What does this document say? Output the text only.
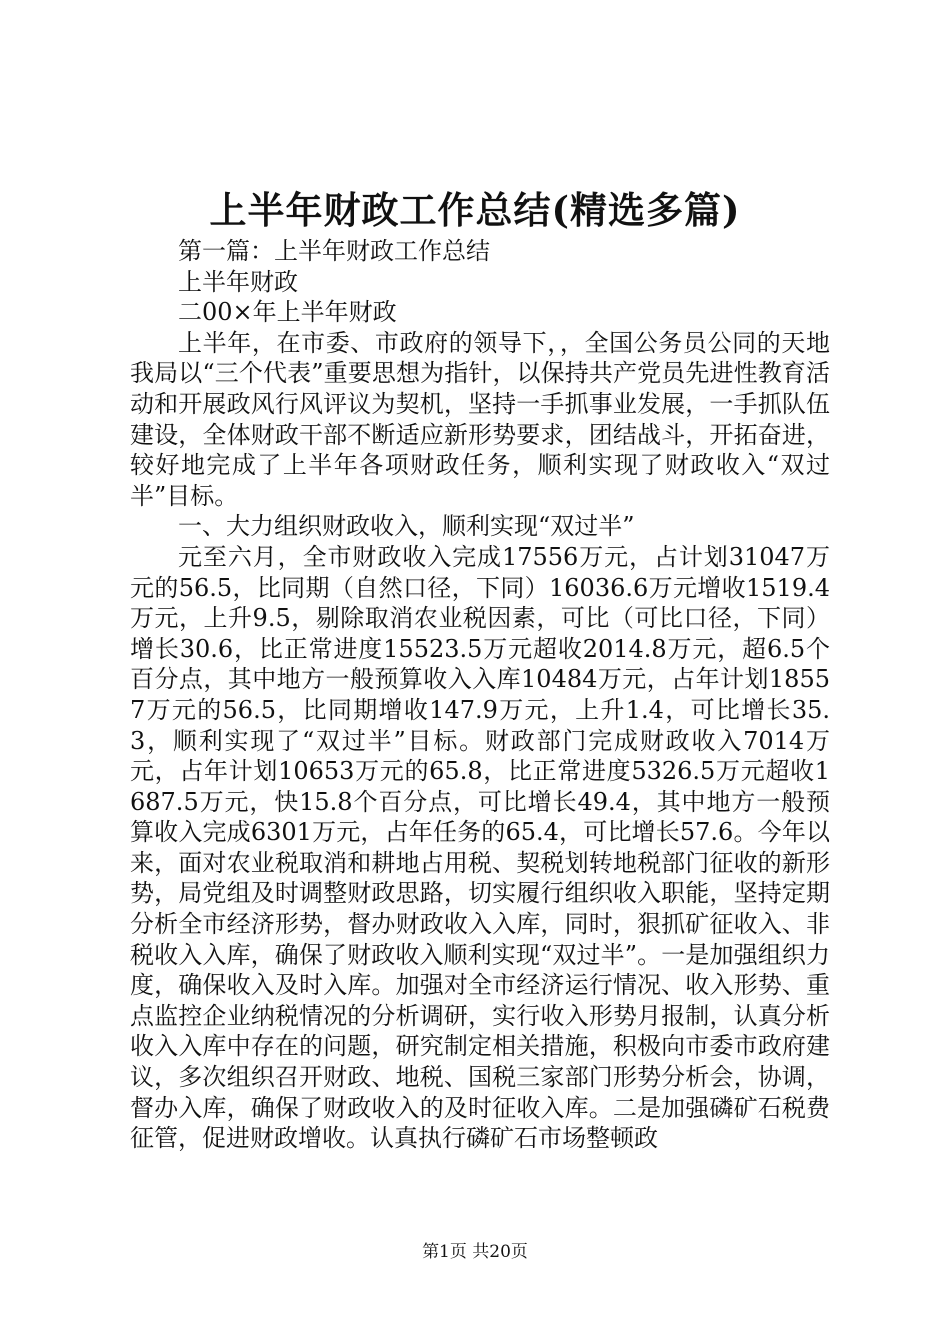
上半年财政工作总结(精选多篇)

第一篇：上半年财政工作总结

上半年财政

二00×年上半年财政

上半年，在市委、市政府的领导下，，全国公务员公同的天地我局以“三个代表”重要思想为指针，以保持共产党员先进性教育活动和开展政风行风评议为契机，坚持一手抓事业发展，一手抓队伍建设，全体财政干部不断适应新形势要求，团结战斗，开拓奋进，较好地完成了上半年各项财政任务，顺利实现了财政收入“双过半”目标。

一、大力组织财政收入，顺利实现“双过半”

元至六月，全市财政收入完成17556万元，占计划31047万元的56.5，比同期（自然口径，下同）16036.6万元增收1519.4万元，上升9.5，剔除取消农业税因素，可比（可比口径，下同）增长30.6，比正常进度15523.5万元超收2014.8万元，超6.5个百分点，其中地方一般预算收入入库10484万元，占年计划18557万元的56.5，比同期增收147.9万元，上升1.4，可比增长35.3，顺利实现了“双过半”目标。财政部门完成财政收入7014万元，占年计划10653万元的65.8，比正常进度5326.5万元超收1687.5万元，快15.8个百分点，可比增长49.4，其中地方一般预算收入完成6301万元，占年任务的65.4，可比增长57.6。今年以来，面对农业税取消和耕地占用税、契税划转地税部门征收的新形势，局党组及时调整财政思路，切实履行组织收入职能，坚持定期分析全市经济形势，督办财政收入入库，同时，狠抓矿征收入、非税收入入库，确保了财政收入顺利实现“双过半”。一是加强组织力度，确保收入及时入库。加强对全市经济运行情况、收入形势、重点监控企业纳税情况的分析调研，实行收入形势月报制，认真分析收入入库中存在的问题，研究制定相关措施，积极向市委市政府建议，多次组织召开财政、地税、国税三家部门形势分析会，协调，督办入库，确保了财政收入的及时征收入库。二是加强磷矿石税费征管，促进财政增收。认真执行磷矿石市场整顿政

第1页 共20页
